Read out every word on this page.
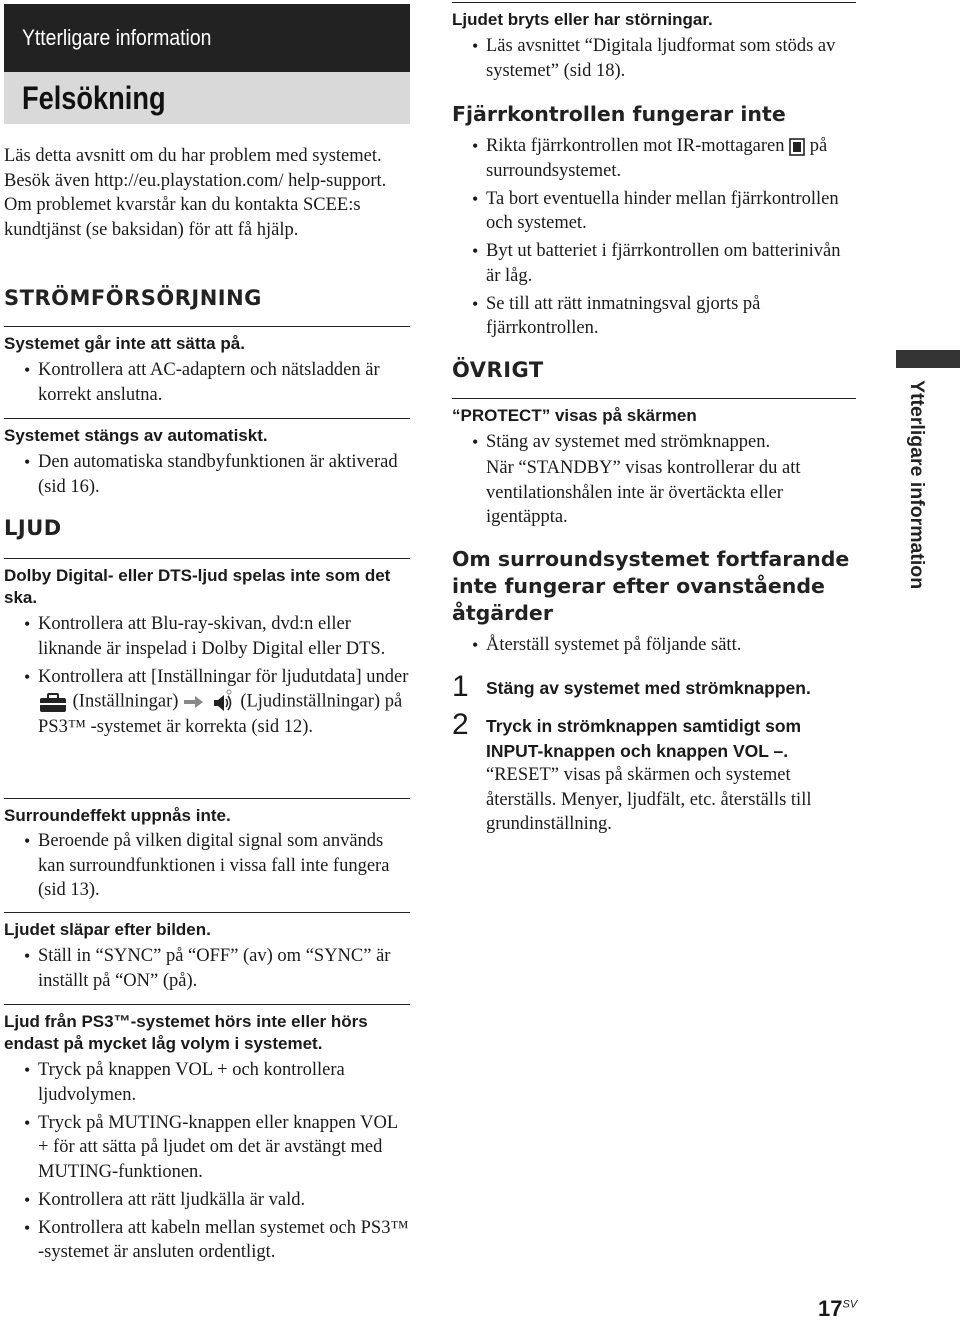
Ytterligare information
Felsökning
Läs detta avsnitt om du har problem med systemet. Besök även http://eu.playstation.com/ help-support. Om problemet kvarstår kan du kontakta SCEE:s kundtjänst (se baksidan) för att få hjälp.
STRÖMFÖRSÖRJNING
Systemet går inte att sätta på.
• Kontrollera att AC-adaptern och nätsladden är korrekt anslutna.
Systemet stängs av automatiskt.
• Den automatiska standbyfunktionen är aktiverad (sid 16).
LJUD
Dolby Digital- eller DTS-ljud spelas inte som det ska.
• Kontrollera att Blu-ray-skivan, dvd:n eller liknande är inspelad i Dolby Digital eller DTS.
• Kontrollera att [Inställningar för ljudutdata] under  (Inställningar)	(Ljudinställningar) på PS3™ -systemet är korrekta (sid 12).
Surroundeffekt uppnås inte.
• Beroende på vilken digital signal som används kan surroundfunktionen i vissa fall inte fungera (sid 13).
Ljudet släpar efter bilden.
• Ställ in “SYNC” på “OFF” (av) om “SYNC” är inställt på “ON” (på).
Ljud från PS3™-systemet hörs inte eller hörs endast på mycket låg volym i systemet.
• Tryck på knappen VOL + och kontrollera ljudvolymen.
• Tryck på MUTING-knappen eller knappen VOL + för att sätta på ljudet om det är avstängt med MUTING-funktionen.
• Kontrollera att rätt ljudkälla är vald.
• Kontrollera att kabeln mellan systemet och PS3™ -systemet är ansluten ordentligt.
Ljudet bryts eller har störningar.
• Läs avsnittet “Digitala ljudformat som stöds av systemet” (sid 18).
Fjärrkontrollen fungerar inte
• Rikta fjärrkontrollen mot IR-mottagaren på surroundsystemet.
• Ta bort eventuella hinder mellan fjärrkontrollen och systemet.
• Byt ut batteriet i fjärrkontrollen om batterinivån är låg.
• Se till att rätt inmatningsval gjorts på fjärrkontrollen.
ÖVRIGT
“PROTECT” visas på skärmen
• Stäng av systemet med strömknappen.
När “STANDBY” visas kontrollerar du att ventilationshålen inte är övertäckta eller igentäppta.
Om surroundsystemet fortfarande inte fungerar efter ovanstående åtgärder
• Återställ systemet på följande sätt.
1 Stäng av systemet med strömknappen.
2 Tryck in strömknappen samtidigt som INPUT-knappen och knappen VOL –.
“RESET” visas på skärmen och systemet återställs. Menyer, ljudfält, etc. återställs till grundinställning.
Ytterligare information
$17^{SV}$
